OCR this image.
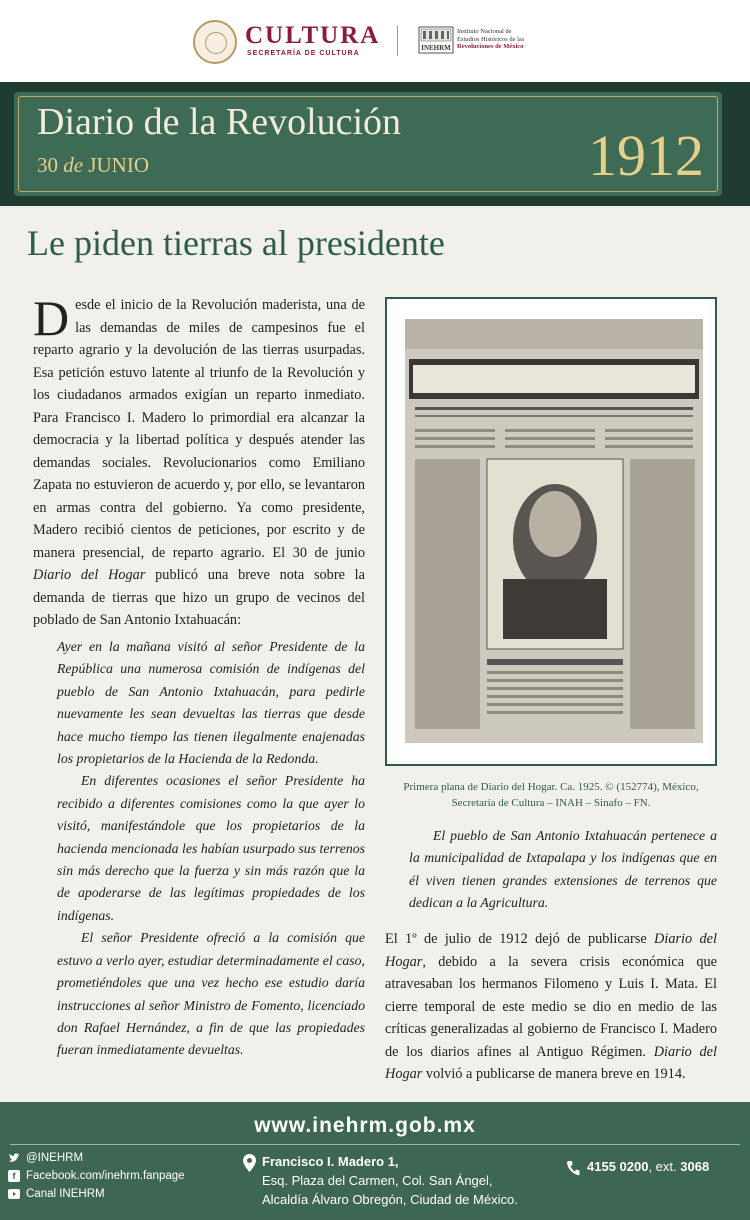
CULTURA
SECRETARÍA DE CULTURA
INEHRM
Instituto Nacional de
Estudios Históricos de las
Revoluciones de México
Diario de la Revolución
30 de JUNIO	1912
Le piden tierras al presidente

Desde el inicio de la Revolución maderista, una de las demandas de miles de campesinos fue el reparto agrario y la devolución de las tierras usurpadas. Esa petición estuvo latente al triunfo de la Revolución y los ciudadanos armados exigían un reparto inmediato. Para Francisco I. Madero lo primordial era alcanzar la democracia y la libertad política y después atender las demandas sociales. Revolucionarios como Emiliano Zapata no estuvieron de acuerdo y, por ello, se levantaron en armas contra del gobierno. Ya como presidente, Madero recibió cientos de peticiones, por escrito y de manera presencial, de reparto agrario. El 30 de junio Diario del Hogar publicó una breve nota sobre la demanda de tierras que hizo un grupo de vecinos del poblado de San Antonio Ixtahuacán:

Ayer en la mañana visitó al señor Presidente de la República una numerosa comisión de indígenas del pueblo de San Antonio Ixtahuacán, para pedirle nuevamente les sean devueltas las tierras que desde hace mucho tiempo las tienen ilegalmente enajenadas los propietarios de la Hacienda de la Redonda.

En diferentes ocasiones el señor Presidente ha recibido a diferentes comisiones como la que ayer lo visitó, manifestándole que los propietarios de la hacienda mencionada les habían usurpado sus terrenos sin más derecho que la fuerza y sin más razón que la de apoderarse de las legítimas propiedades de los indígenas.

El señor Presidente ofreció a la comisión que estuvo a verlo ayer, estudiar determinadamente el caso, prometiéndoles que una vez hecho ese estudio daría instrucciones al señor Ministro de Fomento, licenciado don Rafael Hernández, a fin de que las propiedades fueran inmediatamente devueltas.

Primera plana de Diario del Hogar. Ca. 1925. © (152774), México,
Secretaría de Cultura – INAH – Sinafo – FN.
El pueblo de San Antonio Ixtahuacán pertenece a la municipalidad de Ixtapalapa y los indígenas que en él viven tienen grandes extensiones de terrenos que dedican a la Agricultura.
El 1º de julio de 1912 dejó de publicarse Diario del Hogar, debido a la severa crisis económica que atravesaban los hermanos Filomeno y Luis I. Mata. El cierre temporal de este medio se dio en medio de las críticas generalizadas al gobierno de Francisco I. Madero de los diarios afines al Antiguo Régimen. Diario del Hogar volvió a publicarse de manera breve en 1914.
www.inehrm.gob.mx
@INEHRM
f Facebook.com/inehrm.fanpage
Canal INEHRM
Francisco I. Madero 1,
Esq. Plaza del Carmen, Col. San Ángel,
Alcaldía Álvaro Obregón, Ciudad de México.
4155 0200, ext. 3068
